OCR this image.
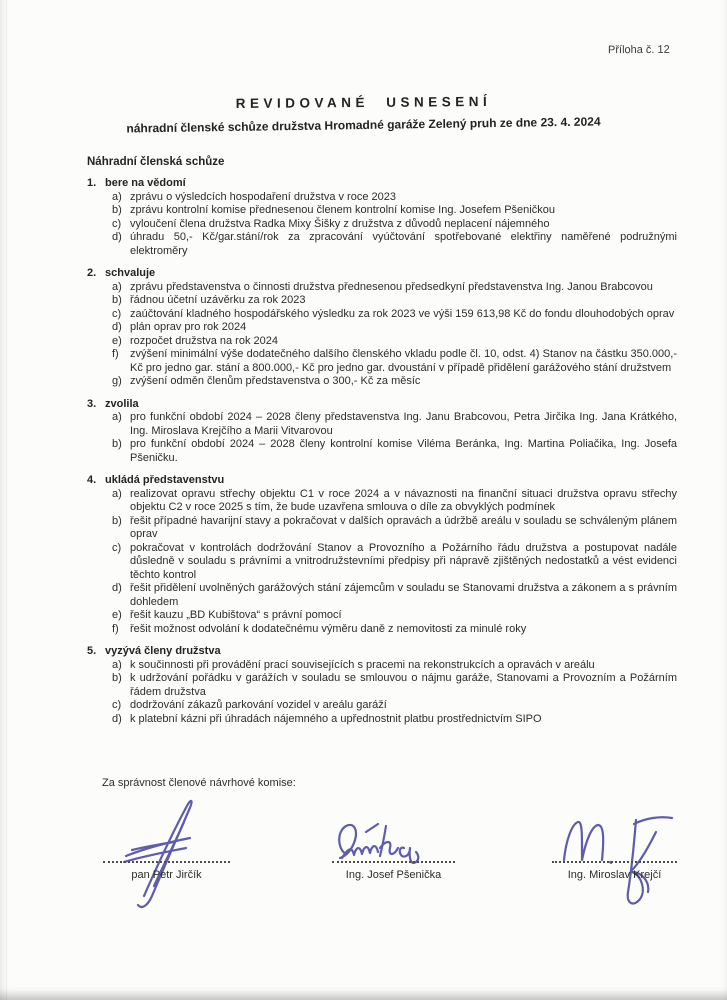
Příloha č. 12
REVIDOVANÉ USNESENÍ
náhradní členské schůze družstva Hromadné garáže Zelený pruh ze dne 23. 4. 2024
Náhradní členská schůze
1. bere na vědomí
a) zprávu o výsledcích hospodaření družstva v roce 2023
b) zprávu kontrolní komise přednesenou členem kontrolní komise Ing. Josefem Pšeničkou
c) vyloučení člena družstva Radka Mixy Šišky z družstva z důvodů neplacení nájemného
d) úhradu 50,- Kč/gar.stání/rok za zpracování vyúčtování spotřebované elektřiny naměřené podružnými elektroměry
2. schvaluje
a) zprávu představenstva o činnosti družstva přednesenou předsedkyní představenstva Ing. Janou Brabcovou
b) řádnou účetní uzávěrku za rok 2023
c) zaúčtování kladného hospodářského výsledku za rok 2023 ve výši 159 613,98 Kč do fondu dlouhodobých oprav
d) plán oprav pro rok 2024
e) rozpočet družstva na rok 2024
f)	zvýšení minimální výše dodatečného dalšího členského vkladu podle čl. 10, odst. 4) Stanov na částku 350.000,- Kč pro jedno gar. stání a 800.000,- Kč pro jedno gar. dvoustání v případě přidělení garážového stání družstvem
g) zvýšení odměn členům představenstva o 300,- Kč za měsíc
3. zvolila
a) pro funkční období 2024 – 2028 členy představenstva Ing. Janu Brabcovou, Petra Jirčika Ing. Jana Krátkého, Ing. Miroslava Krejčího a Marii Vitvarovou
b) pro funkční období 2024 – 2028 členy kontrolní komise Viléma Beránka, Ing. Martina Poliačika, Ing. Josefa Pšeničku.
4. ukládá představenstvu
a) realizovat opravu střechy objektu C1 v roce 2024 a v návaznosti na finanční situaci družstva opravu střechy objektu C2 v roce 2025 s tím, že bude uzavřena smlouva o díle za obvyklých podmínek
b) řešit případné havarijní stavy a pokračovat v dalších opravách a údržbě areálu v souladu se schváleným plánem oprav
c) pokračovat v kontrolách dodržování Stanov a Provozního a Požárního řádu družstva a postupovat nadále důsledně v souladu s právními a vnitrodružstevními předpisy při nápravě zjištěných nedostatků a vést evidenci těchto kontrol
d) řešit přidělení uvolněných garážových stání zájemcům v souladu se Stanovami družstva a zákonem a s právním dohledem
e) řešit kauzu „BD Kubištova“ s právní pomocí
f)	řešit možnost odvolání k dodatečnému výměru daně z nemovitosti za minulé roky
5. vyzývá členy družstva
a) k součinnosti při provádění prací souvisejících s pracemi na rekonstrukcích a opravách v areálu
b) k udržování pořádku v garážích v souladu se smlouvou o nájmu garáže, Stanovami a Provozním a Požárním řádem družstva
c) dodržování zákazů parkování vozidel v areálu garáží
d) k platební kázni při úhradách nájemného a upřednostnit platbu prostřednictvím SIPO
Za správnost členové návrhové komise:
pan Petr Jirčík	Ing. Josef Pšenička	Ing. Miroslav Krejčí
